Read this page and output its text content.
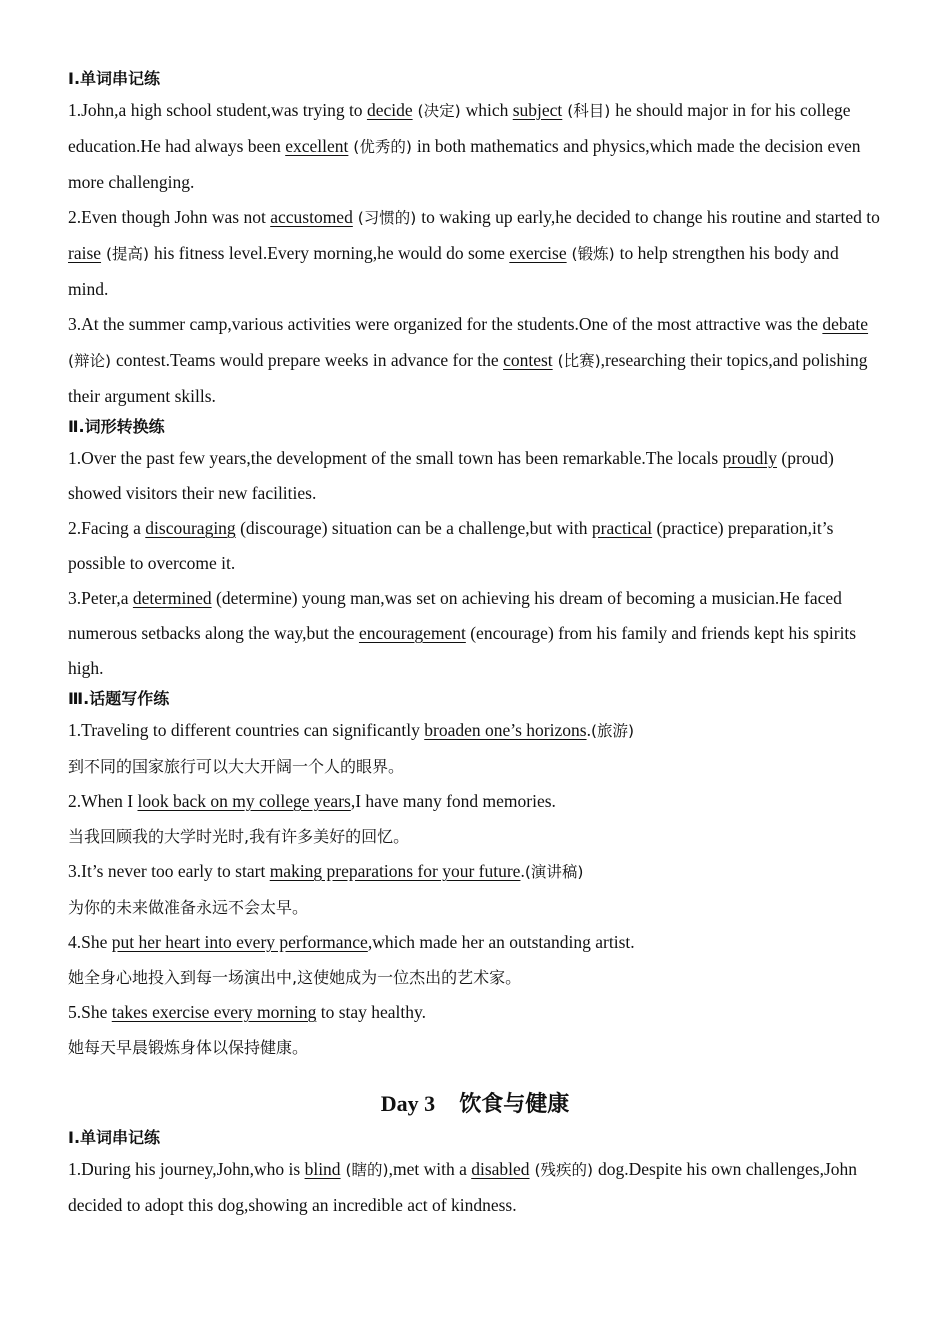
Ⅰ.单词串记练

1.John,a high school student,was trying to decide (决定) which subject (科目) he should major in for his college education.He had always been excellent (优秀的) in both mathematics and physics,which made the decision even more challenging.

2.Even though John was not accustomed (习惯的) to waking up early,he decided to change his routine and started to raise (提高) his fitness level.Every morning,he would do some exercise (锻炼) to help strengthen his body and mind.

3.At the summer camp,various activities were organized for the students.One of the most attractive was the debate (辩论) contest.Teams would prepare weeks in advance for the contest (比赛),researching their topics,and polishing their argument skills.

Ⅱ.词形转换练

1.Over the past few years,the development of the small town has been remarkable.The locals proudly (proud) showed visitors their new facilities.

2.Facing a discouraging (discourage) situation can be a challenge,but with practical (practice) preparation,it’s possible to overcome it.

3.Peter,a determined (determine) young man,was set on achieving his dream of becoming a musician.He faced numerous setbacks along the way,but the encouragement (encourage) from his family and friends kept his spirits high.

Ⅲ.话题写作练

1.Traveling to different countries can significantly broaden one’s horizons.(旅游)

到不同的国家旅行可以大大开阔一个人的眼界。

2.When I look back on my college years,I have many fond memories.

当我回顾我的大学时光时,我有许多美好的回忆。

3.It’s never too early to start making preparations for your future.(演讲稿)

为你的未来做准备永远不会太早。

4.She put her heart into every performance,which made her an outstanding artist.

她全身心地投入到每一场演出中,这使她成为一位杰出的艺术家。

5.She takes exercise every morning to stay healthy.

她每天早晨锻炼身体以保持健康。

Day 3 饮食与健康
Ⅰ.单词串记练

1.During his journey,John,who is blind (瞎的),met with a disabled (残疾的) dog.Despite his own challenges,John decided to adopt this dog,showing an incredible act of kindness.
